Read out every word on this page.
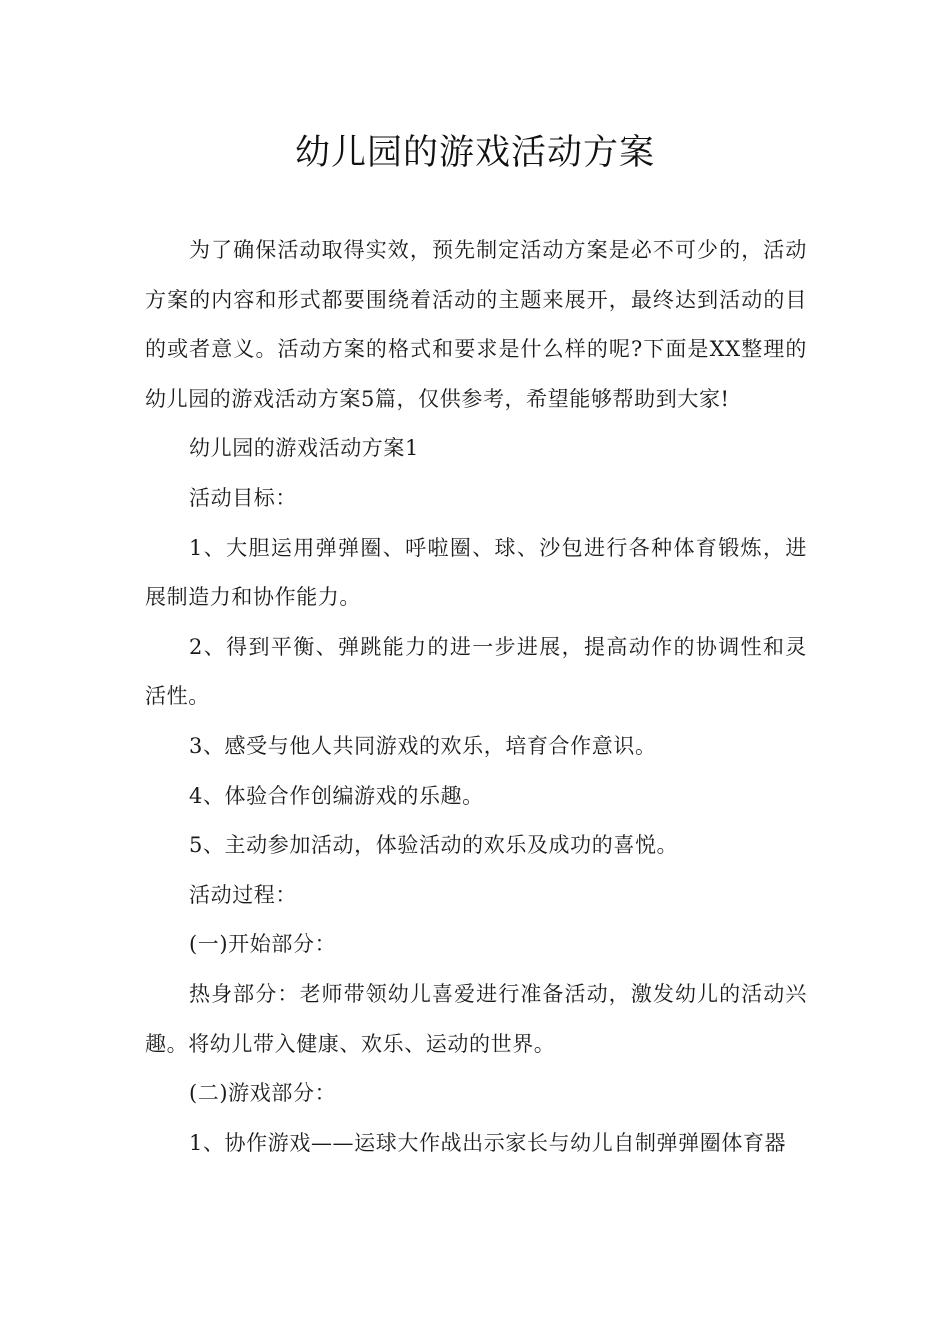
幼儿园的游戏活动方案

为了确保活动取得实效，预先制定活动方案是必不可少的，活动方案的内容和形式都要围绕着活动的主题来展开，最终达到活动的目的或者意义。活动方案的格式和要求是什么样的呢?下面是XX整理的幼儿园的游戏活动方案5篇，仅供参考，希望能够帮助到大家!

幼儿园的游戏活动方案1

活动目标：

1、大胆运用弹弹圈、呼啦圈、球、沙包进行各种体育锻炼，进展制造力和协作能力。

2、得到平衡、弹跳能力的进一步进展，提高动作的协调性和灵活性。

3、感受与他人共同游戏的欢乐，培育合作意识。

4、体验合作创编游戏的乐趣。

5、主动参加活动，体验活动的欢乐及成功的喜悦。

活动过程：

(一)开始部分：

热身部分：老师带领幼儿喜爱进行准备活动，激发幼儿的活动兴趣。将幼儿带入健康、欢乐、运动的世界。

(二)游戏部分：

1、协作游戏——运球大作战出示家长与幼儿自制弹弹圈体育器
